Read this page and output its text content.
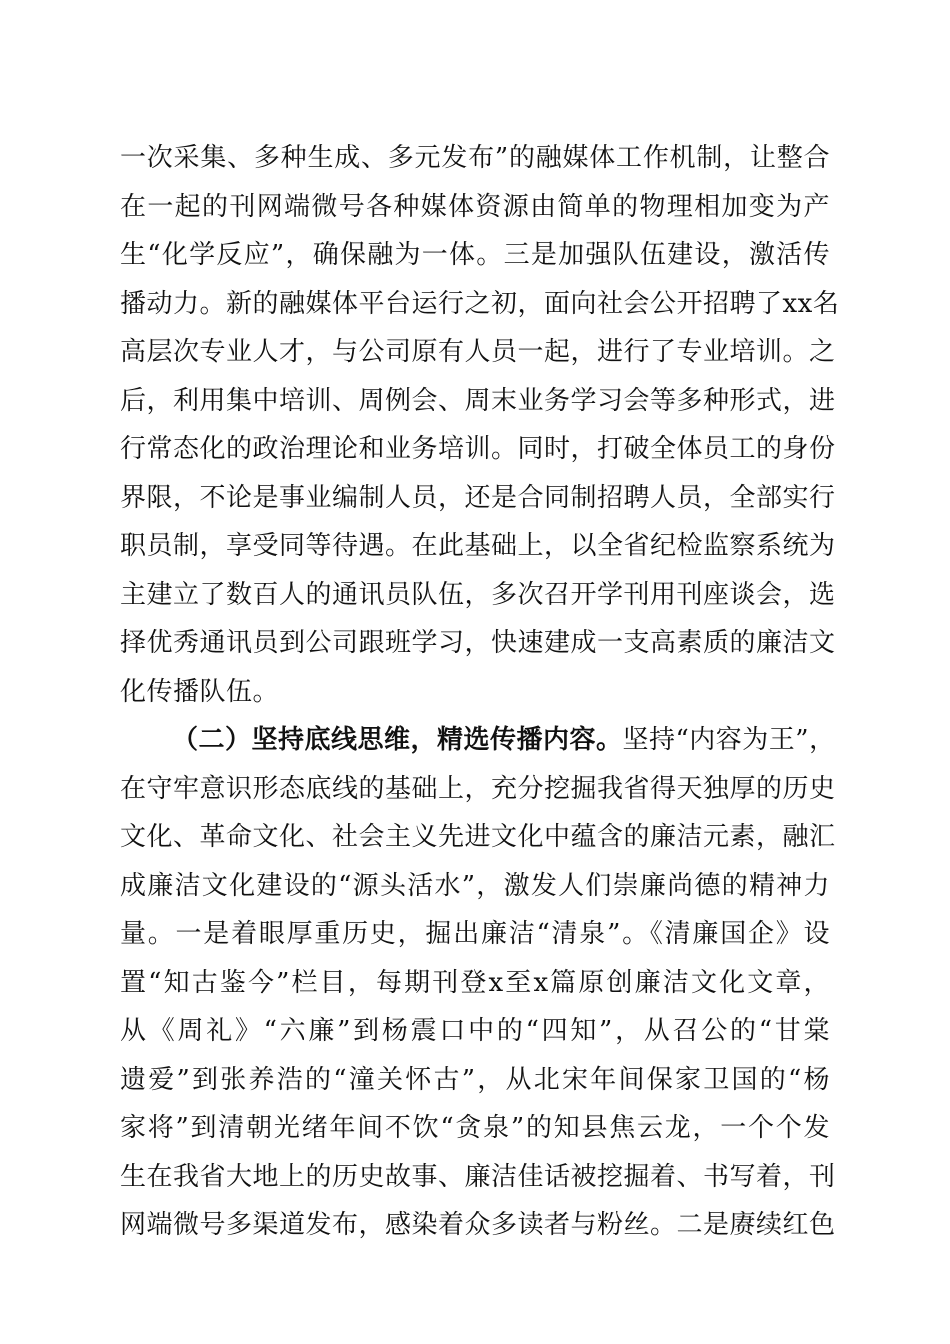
一次采集、多种生成、多元发布”的融媒体工作机制，让整合
在一起的刊网端微号各种媒体资源由简单的物理相加变为产
生“化学反应”，确保融为一体。三是加强队伍建设，激活传
播动力。新的融媒体平台运行之初，面向社会公开招聘了xx名
高层次专业人才，与公司原有人员一起，进行了专业培训。之
后，利用集中培训、周例会、周末业务学习会等多种形式，进
行常态化的政治理论和业务培训。同时，打破全体员工的身份
界限，不论是事业编制人员，还是合同制招聘人员，全部实行
职员制，享受同等待遇。在此基础上，以全省纪检监察系统为
主建立了数百人的通讯员队伍，多次召开学刊用刊座谈会，选
择优秀通讯员到公司跟班学习，快速建成一支高素质的廉洁文
化传播队伍。
（二）坚持底线思维，精选传播内容。坚持“内容为王”，
在守牢意识形态底线的基础上，充分挖掘我省得天独厚的历史
文化、革命文化、社会主义先进文化中蕴含的廉洁元素，融汇
成廉洁文化建设的“源头活水”，激发人们崇廉尚德的精神力
量。一是着眼厚重历史，掘出廉洁“清泉”。《清廉国企》设
置“知古鉴今”栏目，每期刊登x至x篇原创廉洁文化文章，
从《周礼》“六廉”到杨震口中的“四知”，从召公的“甘棠
遗爱”到张养浩的“潼关怀古”，从北宋年间保家卫国的“杨
家将”到清朝光绪年间不饮“贪泉”的知县焦云龙，一个个发
生在我省大地上的历史故事、廉洁佳话被挖掘着、书写着，刊
网端微号多渠道发布，感染着众多读者与粉丝。二是赓续红色
